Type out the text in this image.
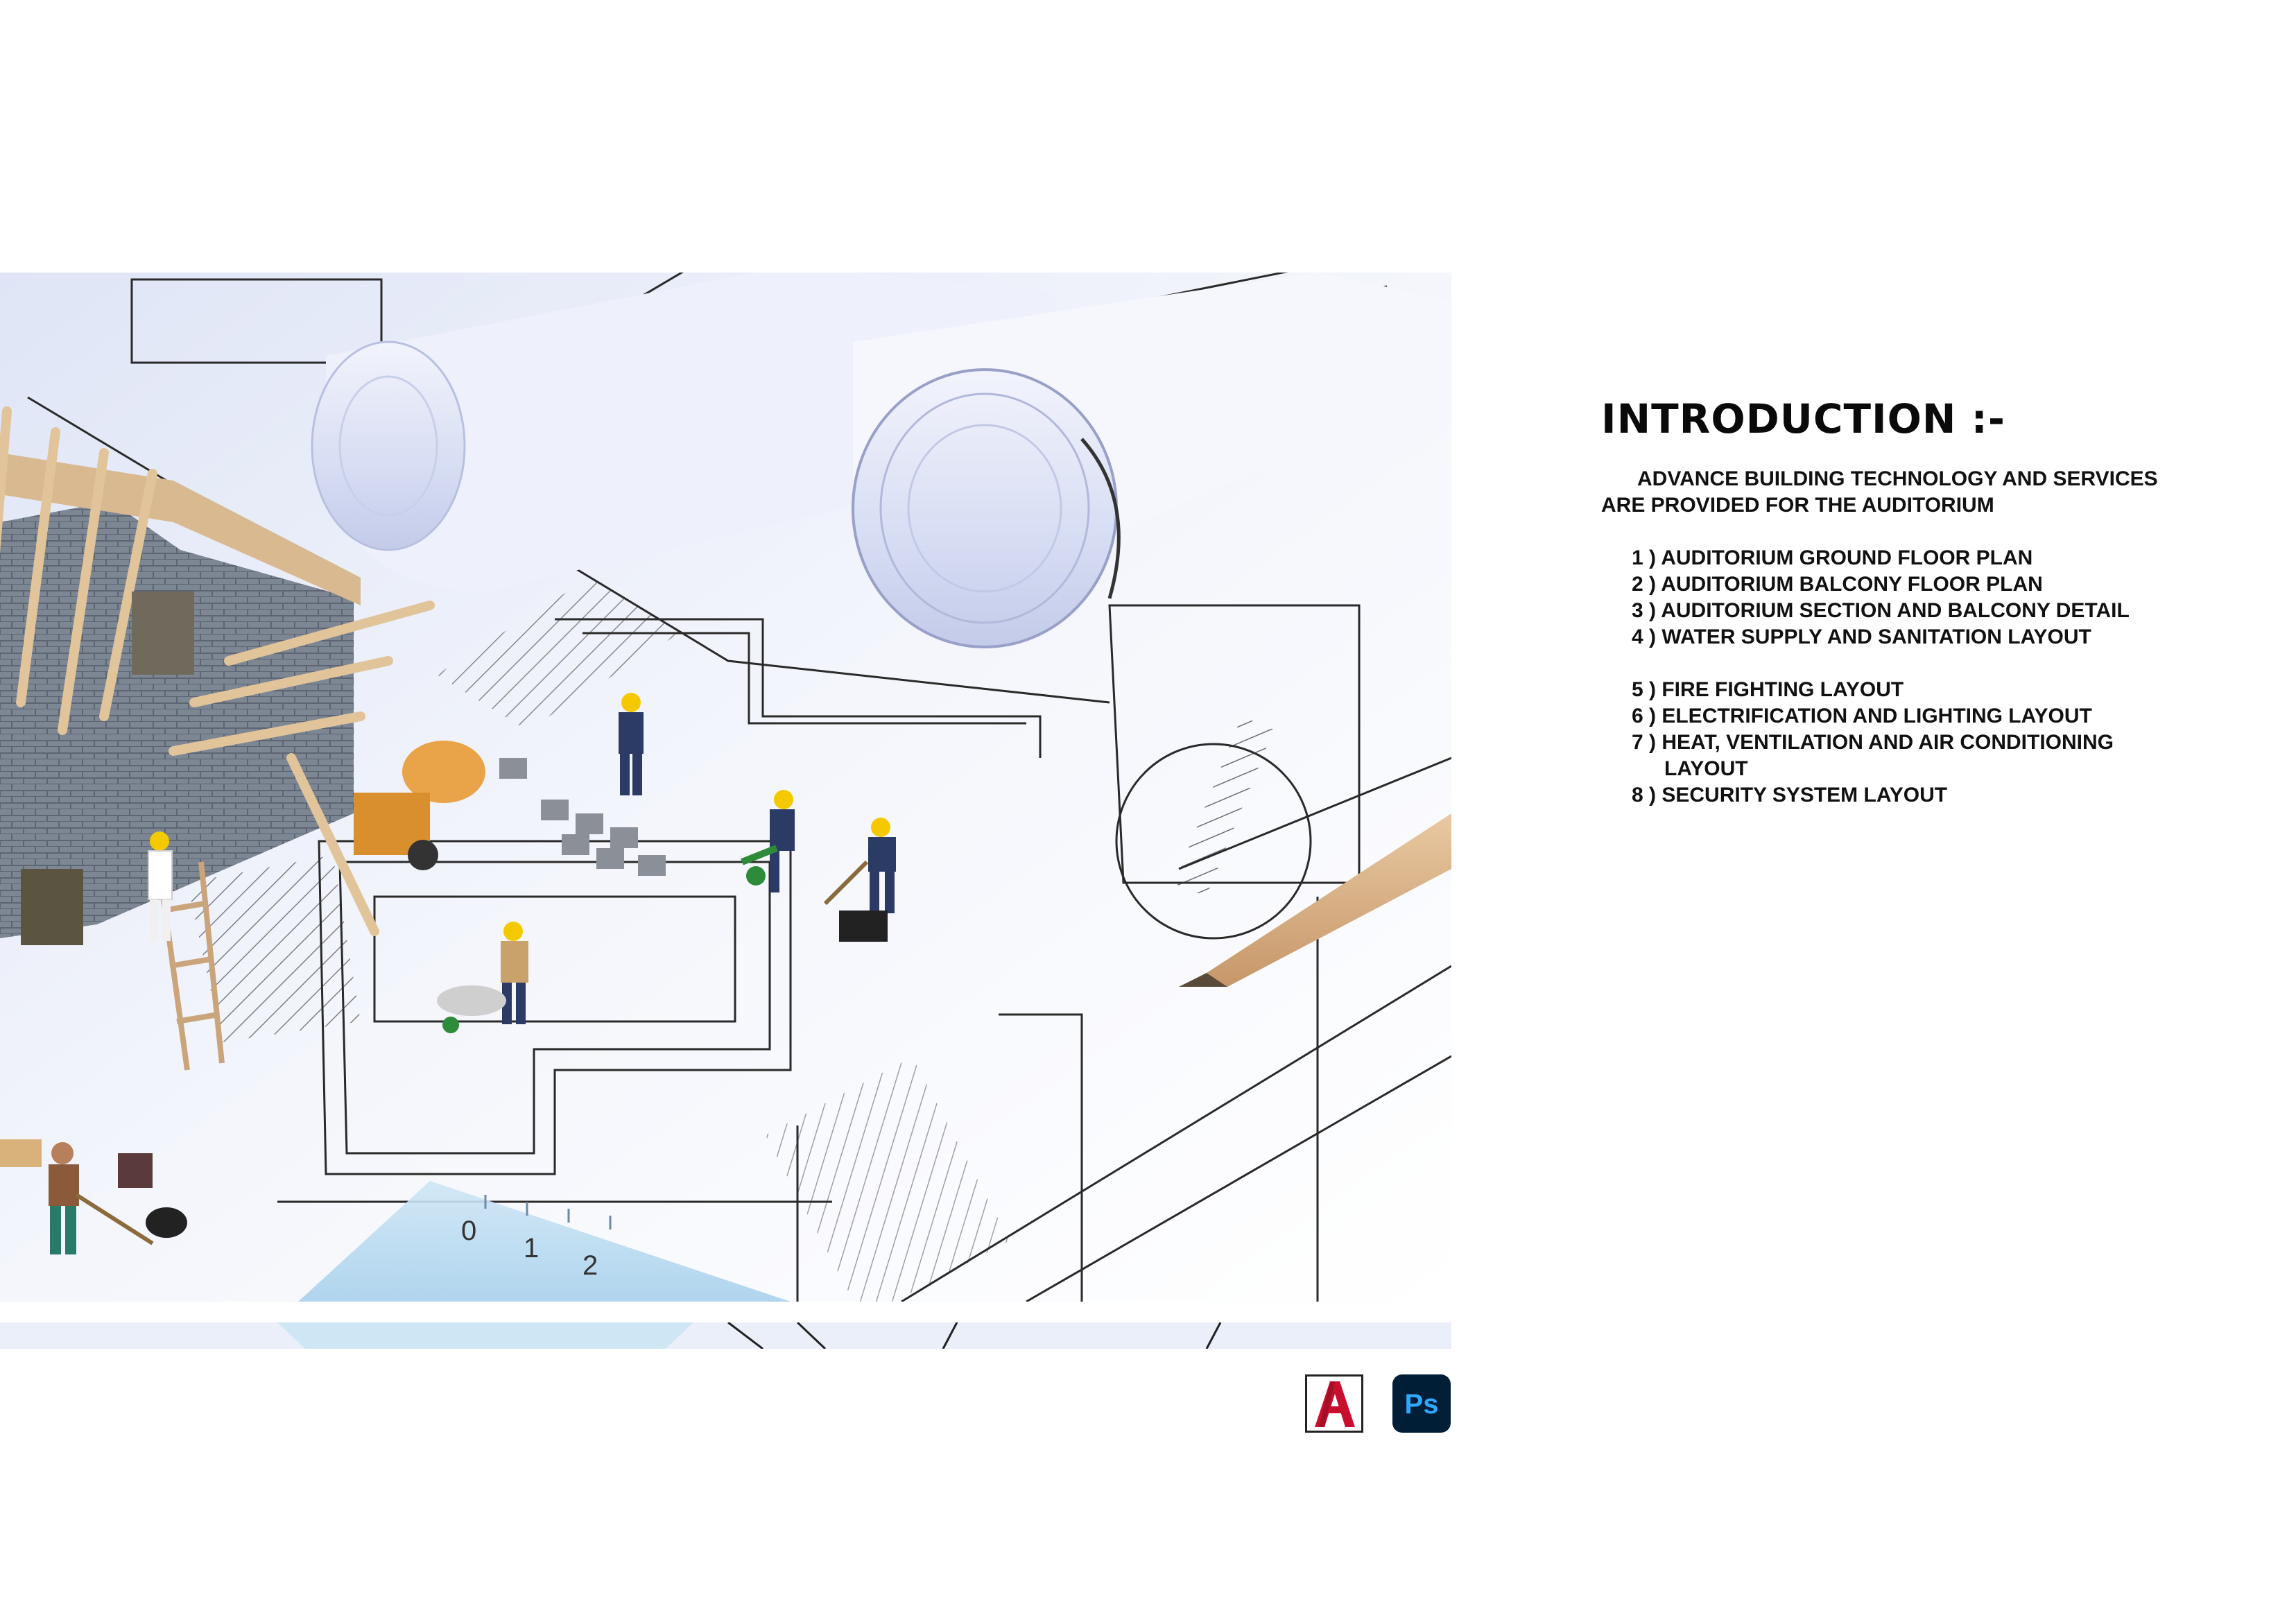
0
1
2
INTRODUCTION :-
ADVANCE BUILDING TECHNOLOGY AND SERVICES
ARE PROVIDED FOR THE AUDITORIUM
1 ) AUDITORIUM GROUND FLOOR PLAN
2 ) AUDITORIUM BALCONY FLOOR PLAN
3 ) AUDITORIUM SECTION AND BALCONY DETAIL
4 ) WATER SUPPLY AND SANITATION LAYOUT
5 ) FIRE FIGHTING LAYOUT
6 ) ELECTRIFICATION AND LIGHTING LAYOUT
7 ) HEAT, VENTILATION AND AIR CONDITIONING
LAYOUT
8 ) SECURITY SYSTEM LAYOUT
Ps
